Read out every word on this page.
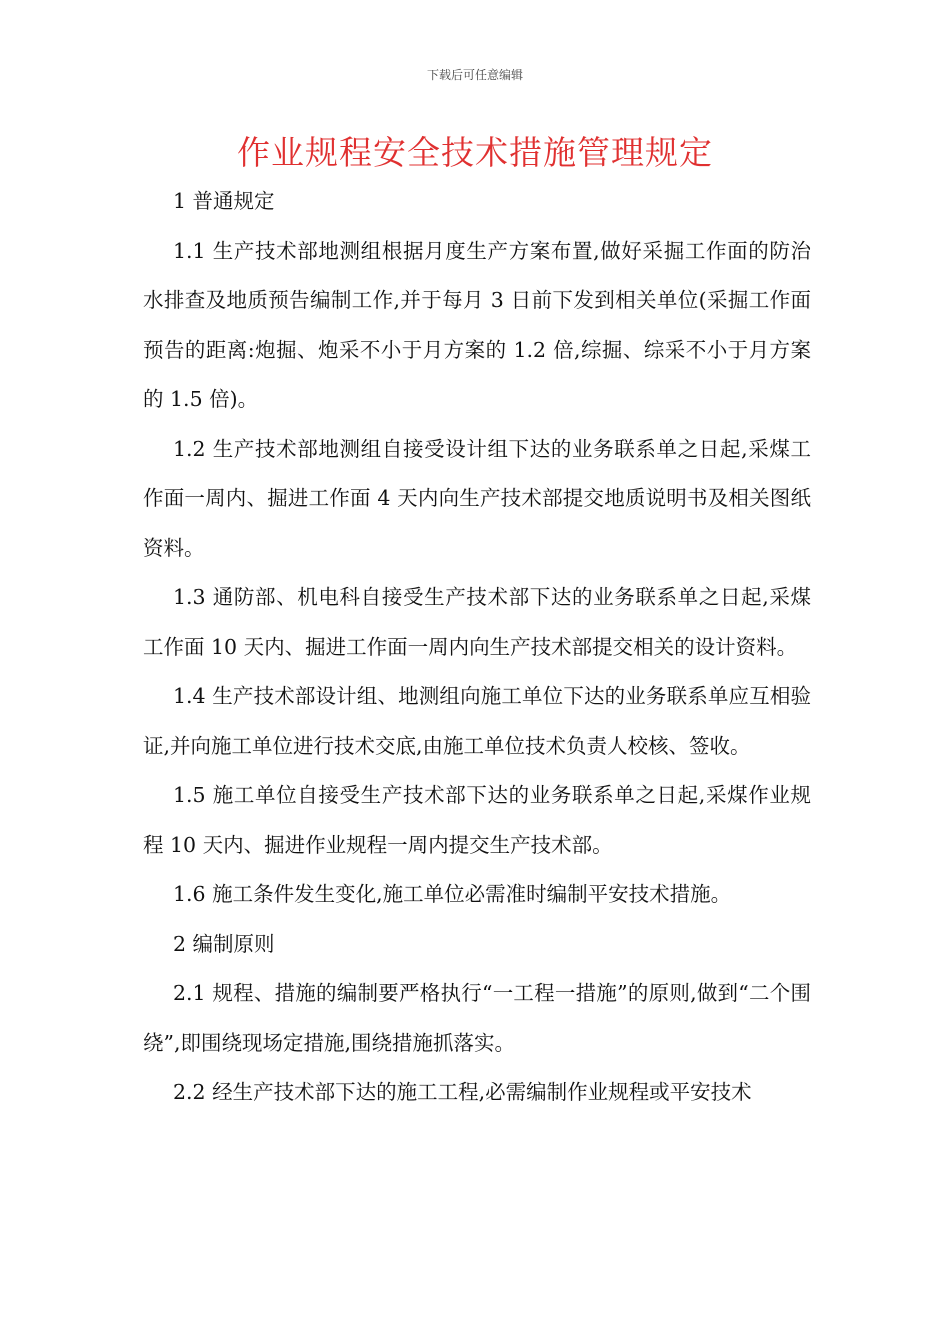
下载后可任意编辑
作业规程安全技术措施管理规定

1 普通规定

1.1 生产技术部地测组根据月度生产方案布置,做好采掘工作面的防治水排查及地质预告编制工作,并于每月 3 日前下发到相关单位(采掘工作面预告的距离:炮掘、炮采不小于月方案的 1.2 倍,综掘、综采不小于月方案的 1.5 倍)。

1.2 生产技术部地测组自接受设计组下达的业务联系单之日起,采煤工作面一周内、掘进工作面 4 天内向生产技术部提交地质说明书及相关图纸资料。

1.3 通防部、机电科自接受生产技术部下达的业务联系单之日起,采煤工作面 10 天内、掘进工作面一周内向生产技术部提交相关的设计资料。

1.4 生产技术部设计组、地测组向施工单位下达的业务联系单应互相验证,并向施工单位进行技术交底,由施工单位技术负责人校核、签收。

1.5 施工单位自接受生产技术部下达的业务联系单之日起,采煤作业规程 10 天内、掘进作业规程一周内提交生产技术部。

1.6 施工条件发生变化,施工单位必需准时编制平安技术措施。

2 编制原则

2.1 规程、措施的编制要严格执行“一工程一措施”的原则,做到“二个围绕”,即围绕现场定措施,围绕措施抓落实。

2.2 经生产技术部下达的施工工程,必需编制作业规程或平安技术
